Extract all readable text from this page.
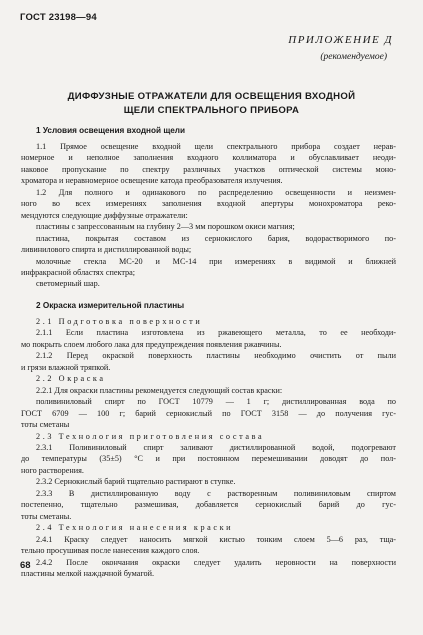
ГОСТ 23198—94
ПРИЛОЖЕНИЕ Д
(рекомендуемое)
ДИФФУЗНЫЕ ОТРАЖАТЕЛИ ДЛЯ ОСВЕЩЕНИЯ ВХОДНОЙ
ЩЕЛИ СПЕКТРАЛЬНОГО ПРИБОРА
1 Условия освещения входной щели
1.1 Прямое освещение входной щели спектрального прибора создает нерав-
номерное и неполное заполнения входного коллиматора и обуславливает неоди-
наковое пропускание по спектру различных участков оптической системы моно-
хроматора и неравномерное освещение катода преобразователя излучения.
1.2 Для полного и одинакового по распределению освещенности и неизмен-
ного во всех измерениях заполнения входной апертуры монохроматора реко-
мендуются следующие диффузные отражатели:
пластины с запрессованным на глубину 2—3 мм порошком окиси магния;
пластина, покрытая составом из сернокислого бария, водорастворимого по-
ливинилового спирта и дистиллированной воды;
молочные стекла МС-20 и МС-14 при измерениях в видимой и ближней
инфракрасной областях спектра;
светомерный шар.
2 Окраска измерительной пластины
2.1 Подготовка поверхности
2.1.1 Если пластина изготовлена из ржавеющего металла, то ее необходи-
мо покрыть слоем любого лака для предупреждения появления ржавчины.
2.1.2 Перед окраской поверхность пластины необходимо очистить от пыли
и грязи влажной тряпкой.
2.2 Окраска
2.2.1 Для окраски пластины рекомендуется следующий состав краски:
поливиниловый спирт по ГОСТ 10779 — 1 г; дистиллированная вода по
ГОСТ 6709 — 100 г; барий сернокислый по ГОСТ 3158 — до получения гус-
тоты сметаны
2.3 Технология приготовления состава
2.3.1 Поливиниловый спирт заливают дистиллированной водой, подогревают
до температуры (35±5) °С и при постоянном перемешивании доводят до пол-
ного растворения.
2.3.2 Сернокислый барий тщательно растирают в ступке.
2.3.3 В дистиллированную воду с растворенным поливиниловым спиртом
постепенно, тщательно размешивая, добавляется сернокислый барий до гус-
тоты сметаны.
2.4 Технология нанесения краски
2.4.1 Краску следует наносить мягкой кистью тонким слоем 5—6 раз, тща-
тельно просушивая после нанесения каждого слоя.
2.4.2 После окончания окраски следует удалить неровности на поверхности
пластины мелкой наждачной бумагой.
68
